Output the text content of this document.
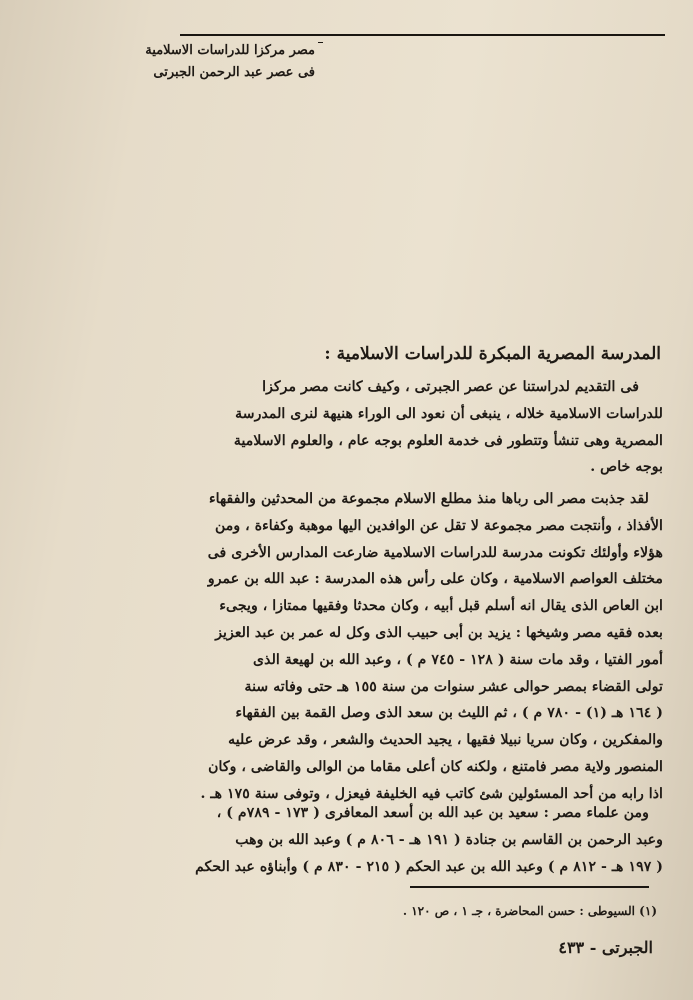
مصر مركزا للدراسات الاسلامية
فى عصر عبد الرحمن الجبرتى
المدرسة المصرية المبكرة للدراسات الاسلامية :
فى التقديم لدراستنا عن عصر الجبرتى ، وكيف كانت مصر مركزا
للدراسات الاسلامية خلاله ، ينبغى أن نعود الى الوراء هنيهة لنرى المدرسة
المصرية وهى تنشأ وتتطور فى خدمة العلوم بوجه عام ، والعلوم الاسلامية
بوجه خاص .
لقد جذبت مصر الى رباها منذ مطلع الاسلام مجموعة من المحدثين والفقهاء
الأفذاذ ، وأنتجت مصر مجموعة لا تقل عن الوافدين اليها موهبة وكفاءة ، ومن
هؤلاء وأولئك تكونت مدرسة للدراسات الاسلامية ضارعت المدارس الأخرى فى
مختلف العواصم الاسلامية ، وكان على رأس هذه المدرسة : عبد الله بن عمرو
ابن العاص الذى يقال انه أسلم قبل أبيه ، وكان محدثا وفقيها ممتازا ، ويجىء
بعده فقيه مصر وشيخها : يزيد بن أبى حبيب الذى وكل له عمر بن عبد العزيز
أمور الفتيا ، وقد مات سنة ( ١٢٨ - ٧٤٥ م ) ، وعبد الله بن لهيعة الذى
تولى القضاء بمصر حوالى عشر سنوات من سنة ١٥٥ هـ حتى وفاته سنة
( ١٦٤ هـ (١) - ٧٨٠ م ) ، ثم الليث بن سعد الذى وصل القمة بين الفقهاء
والمفكرين ، وكان سريا نبيلا فقيها ، يجيد الحديث والشعر ، وقد عرض عليه
المنصور ولاية مصر فامتنع ، ولكنه كان أعلى مقاما من الوالى والقاضى ، وكان
اذا رابه من أحد المسئولين شئ كاتب فيه الخليفة فيعزل ، وتوفى سنة ١٧٥ هـ .
ومن علماء مصر : سعيد بن عبد الله بن أسعد المعافرى ( ١٧٣ - ٧٨٩م ) ،
وعبد الرحمن بن القاسم بن جنادة ( ١٩١ هـ - ٨٠٦ م ) وعبد الله بن وهب
( ١٩٧ هـ - ٨١٢ م ) وعبد الله بن عبد الحكم ( ٢١٥ - ٨٣٠ م ) وأبناؤه عبد الحكم
(١) السيوطى : حسن المحاضرة ، جـ ١ ، ص ١٢٠ .
الجبرتى - ٤٣٣
